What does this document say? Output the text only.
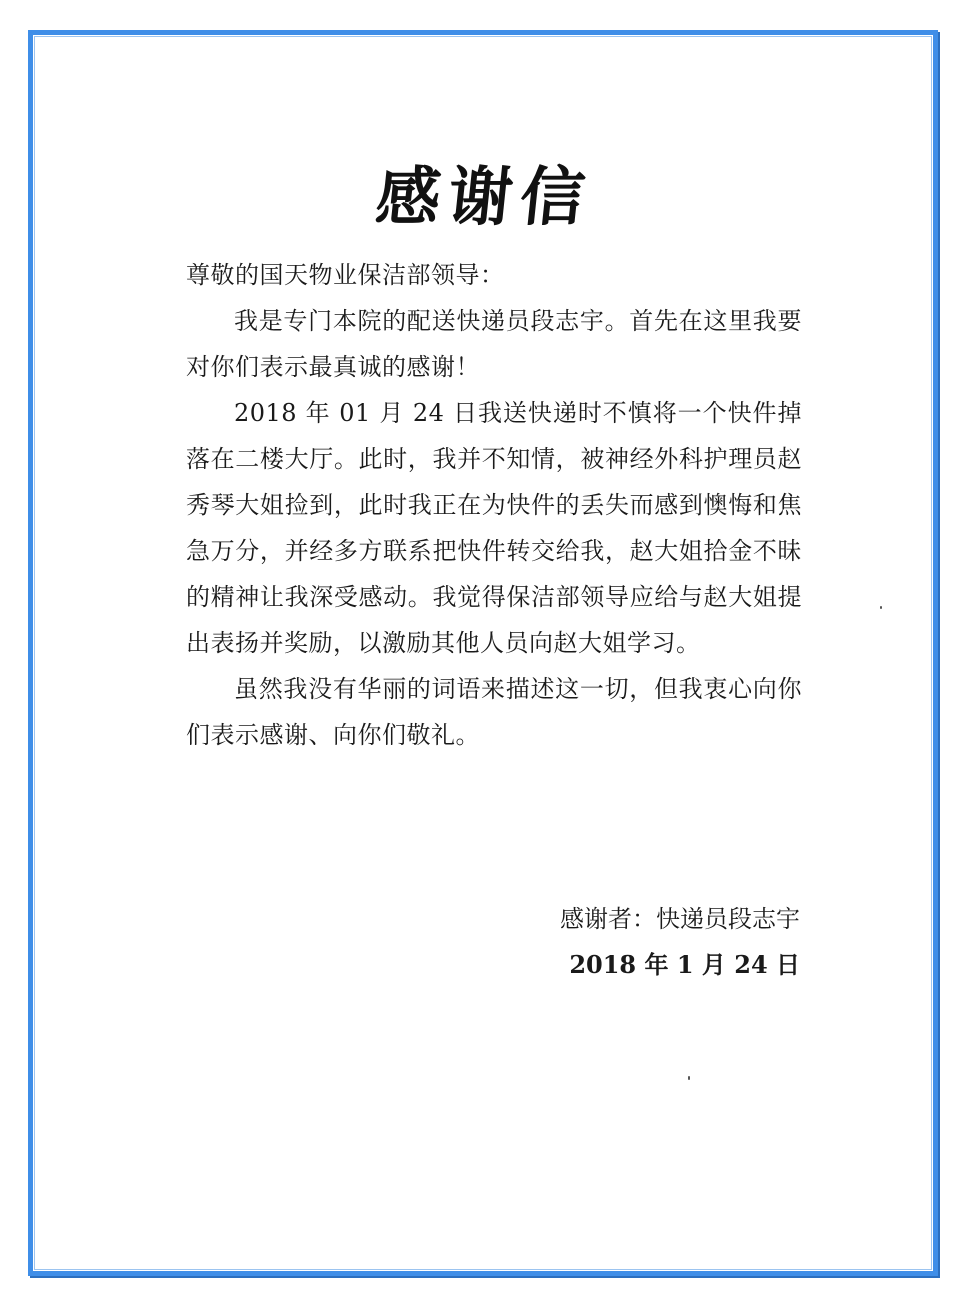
感谢信

尊敬的国天物业保洁部领导：

我是专门本院的配送快递员段志宇。首先在这里我要对你们表示最真诚的感谢！

2018 年 01 月 24 日我送快递时不慎将一个快件掉落在二楼大厅。此时，我并不知情，被神经外科护理员赵秀琴大姐捡到，此时我正在为快件的丢失而感到懊悔和焦急万分，并经多方联系把快件转交给我，赵大姐拾金不昧的精神让我深受感动。我觉得保洁部领导应给与赵大姐提出表扬并奖励，以激励其他人员向赵大姐学习。

虽然我没有华丽的词语来描述这一切，但我衷心向你们表示感谢、向你们敬礼。

感谢者：快递员段志宇
2018 年 1 月 24 日
